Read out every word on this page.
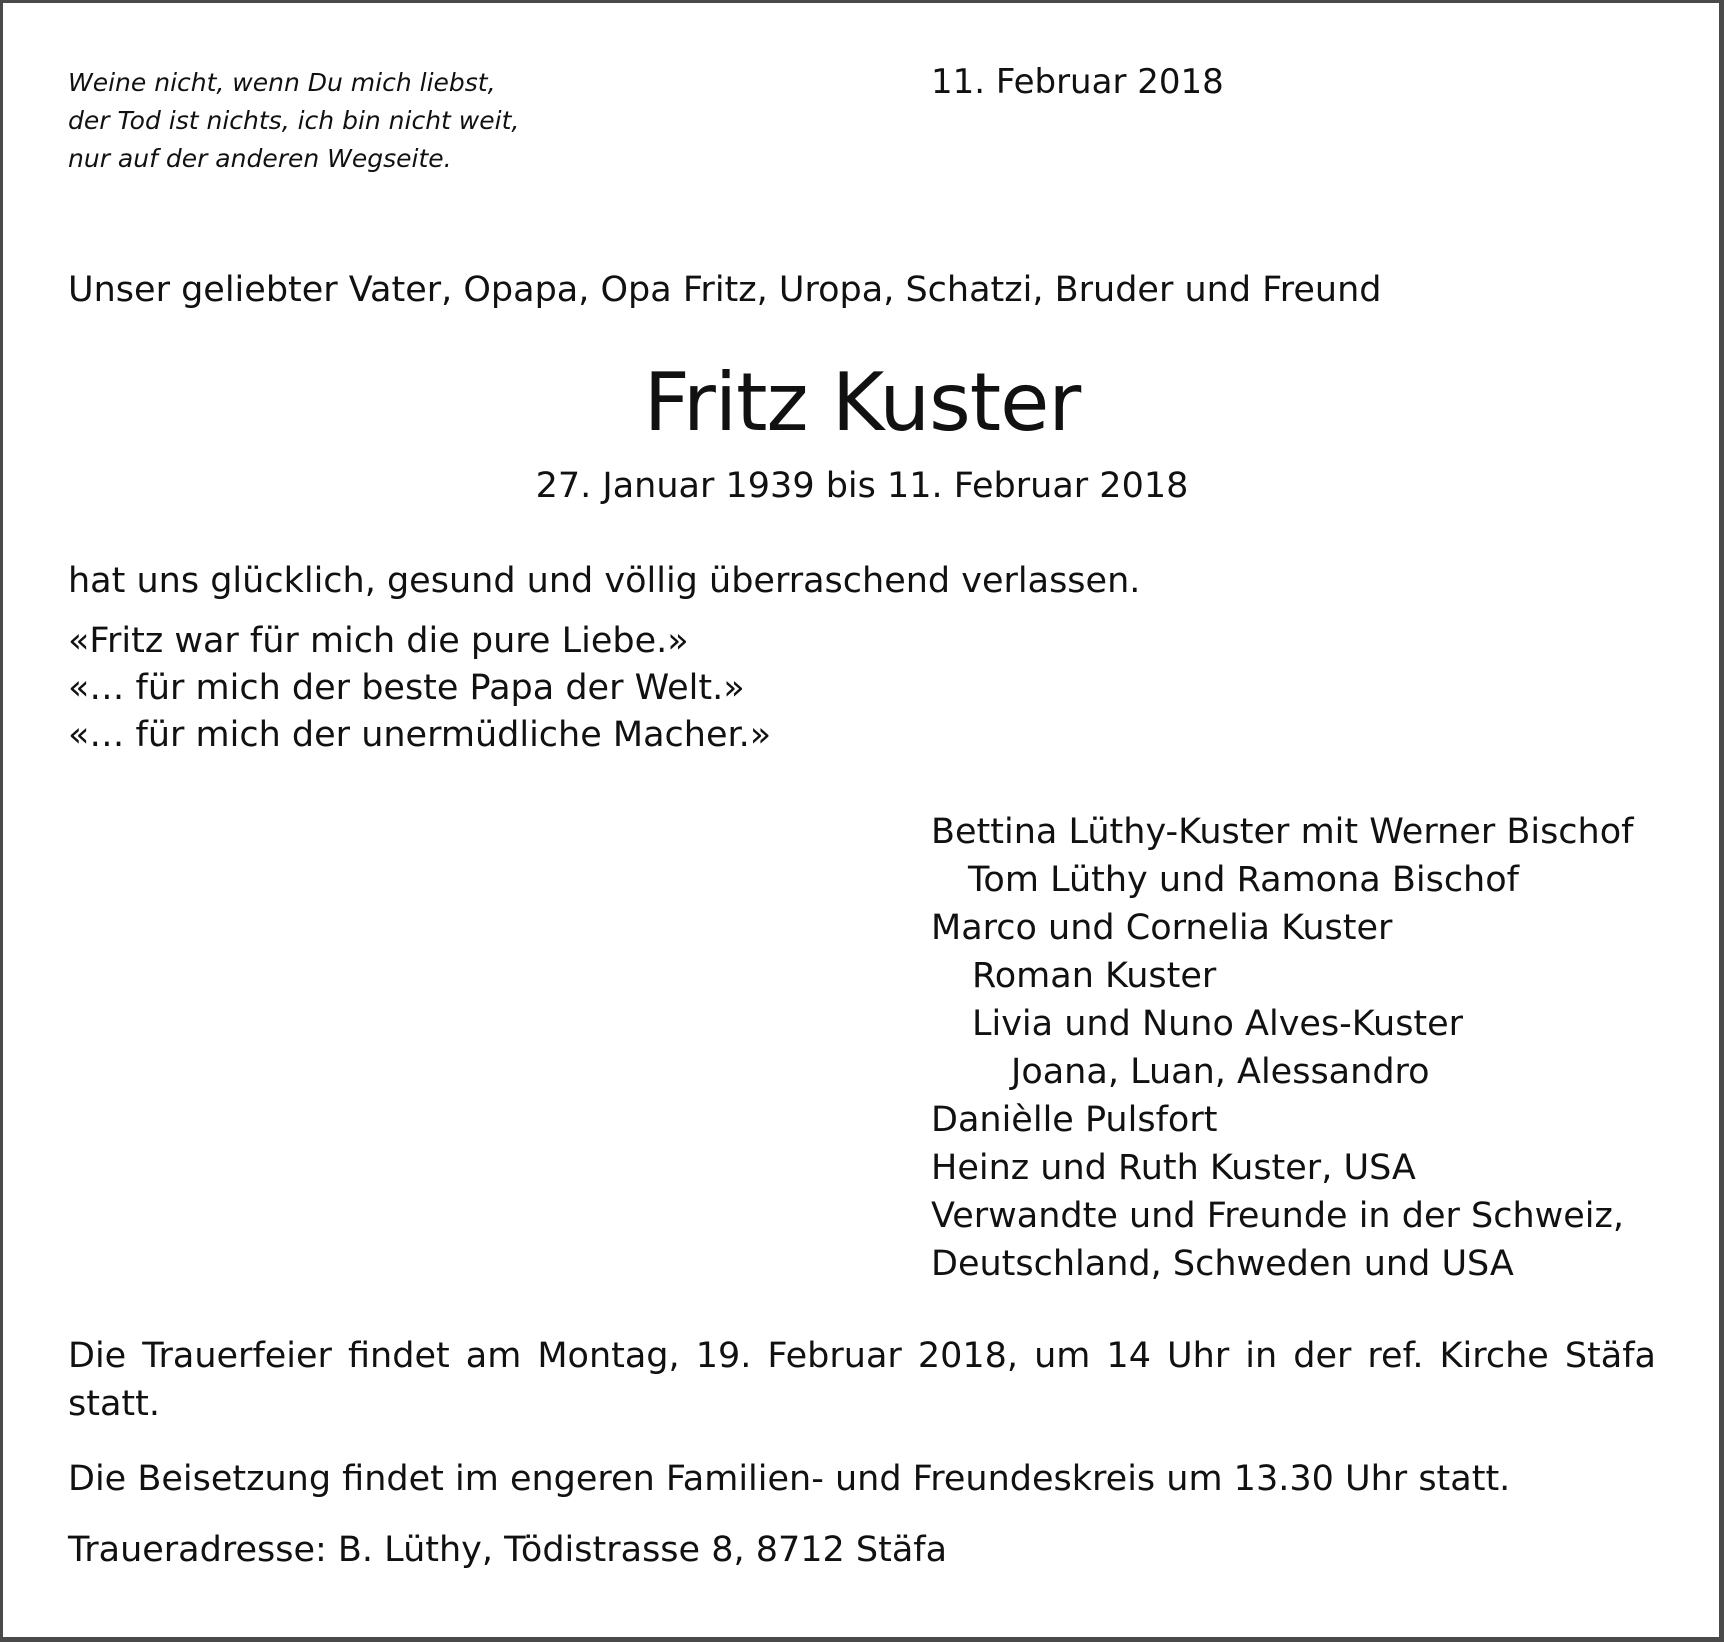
Weine nicht, wenn Du mich liebst,
der Tod ist nichts, ich bin nicht weit,
nur auf der anderen Wegseite.
11. Februar 2018
Unser geliebter Vater, Opapa, Opa Fritz, Uropa, Schatzi, Bruder und Freund
Fritz Kuster
27. Januar 1939 bis 11. Februar 2018
hat uns glücklich, gesund und völlig überraschend verlassen.
«Fritz war für mich die pure Liebe.»
«… für mich der beste Papa der Welt.»
«… für mich der unermüdliche Macher.»
Bettina Lüthy-Kuster mit Werner Bischof
Tom Lüthy und Ramona Bischof
Marco und Cornelia Kuster
Roman Kuster
Livia und Nuno Alves-Kuster
Joana, Luan, Alessandro
Danièlle Pulsfort
Heinz und Ruth Kuster, USA
Verwandte und Freunde in der Schweiz,
Deutschland, Schweden und USA
Die Trauerfeier findet am Montag, 19. Februar 2018, um 14 Uhr in der ref. Kirche Stäfa statt.
Die Beisetzung findet im engeren Familien- und Freundeskreis um 13.30 Uhr statt.
Traueradresse: B. Lüthy, Tödistrasse 8, 8712 Stäfa
